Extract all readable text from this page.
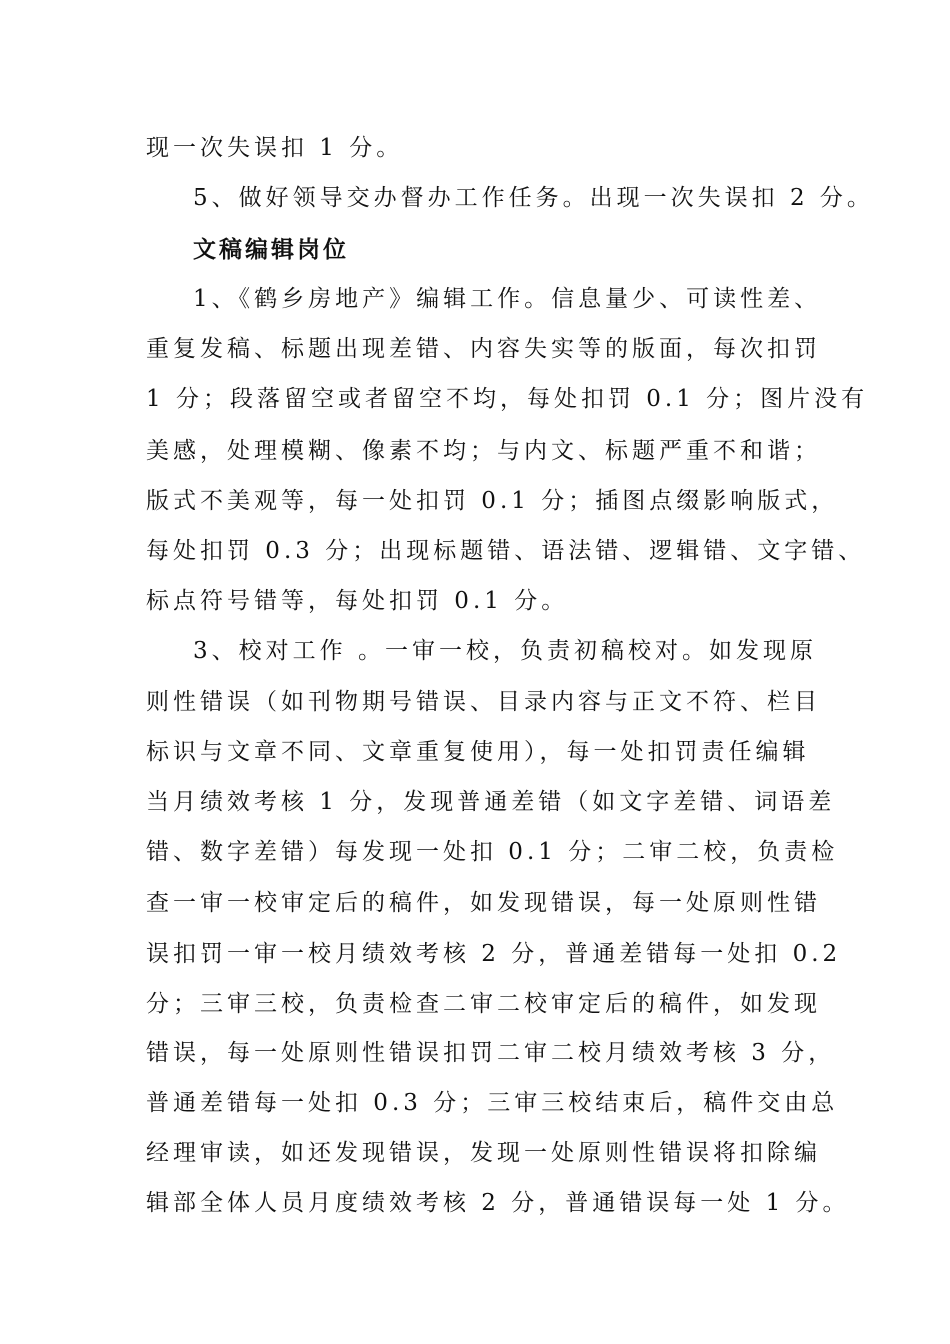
现一次失误扣 1 分。
5、做好领导交办督办工作任务。出现一次失误扣 2 分。
文稿编辑岗位
1、《鹤乡房地产》编辑工作。信息量少、可读性差、
重复发稿、标题出现差错、内容失实等的版面，每次扣罚
1 分；段落留空或者留空不均，每处扣罚 0.1 分；图片没有
美感，处理模糊、像素不均；与内文、标题严重不和谐；
版式不美观等，每一处扣罚 0.1 分；插图点缀影响版式，
每处扣罚 0.3 分；出现标题错、语法错、逻辑错、文字错、
标点符号错等，每处扣罚 0.1 分。
3、校对工作 。一审一校，负责初稿校对。如发现原
则性错误（如刊物期号错误、目录内容与正文不符、栏目
标识与文章不同、文章重复使用），每一处扣罚责任编辑
当月绩效考核 1 分，发现普通差错（如文字差错、词语差
错、数字差错）每发现一处扣 0.1 分；二审二校，负责检
查一审一校审定后的稿件，如发现错误，每一处原则性错
误扣罚一审一校月绩效考核 2 分，普通差错每一处扣 0.2
分；三审三校，负责检查二审二校审定后的稿件，如发现
错误，每一处原则性错误扣罚二审二校月绩效考核 3 分，
普通差错每一处扣 0.3 分；三审三校结束后，稿件交由总
经理审读，如还发现错误，发现一处原则性错误将扣除编
辑部全体人员月度绩效考核 2 分，普通错误每一处 1 分。
